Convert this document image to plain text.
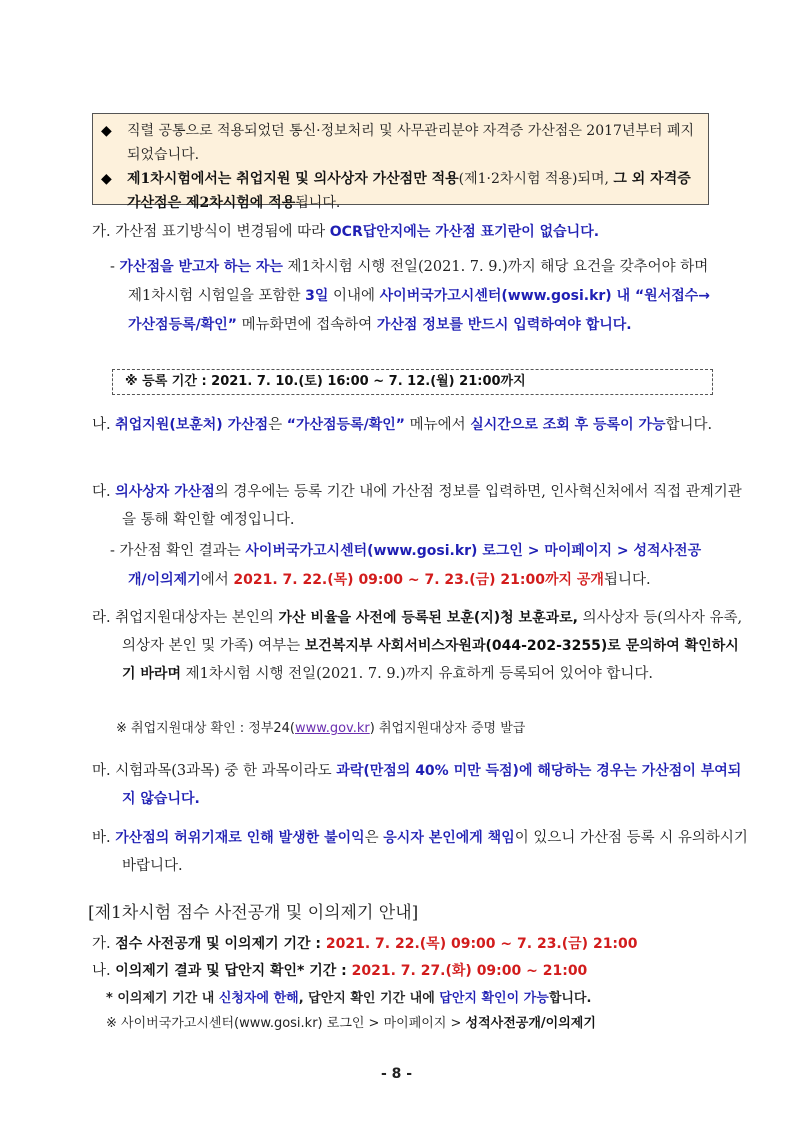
◆ 직렬 공통으로 적용되었던 통신·정보처리 및 사무관리분야 자격증 가산점은 2017년부터 폐지되었습니다.
◆ 제1차시험에서는 취업지원 및 의사상자 가산점만 적용(제1·2차시험 적용)되며, 그 외 자격증 가산점은 제2차시험에 적용됩니다.
가. 가산점 표기방식이 변경됨에 따라 OCR답안지에는 가산점 표기란이 없습니다.
- 가산점을 받고자 하는 자는 제1차시험 시행 전일(2021. 7. 9.)까지 해당 요건을 갖추어야 하며 제1차시험 시험일을 포함한 3일 이내에 사이버국가고시센터(www.gosi.kr) 내 “원서접수→가산점등록/확인” 메뉴화면에 접속하여 가산점 정보를 반드시 입력하여야 합니다.
※ 등록 기간 : 2021. 7. 10.(토) 16:00 ~ 7. 12.(월) 21:00까지
나. 취업지원(보훈처) 가산점은 “가산점등록/확인” 메뉴에서 실시간으로 조회 후 등록이 가능합니다.
다. 의사상자 가산점의 경우에는 등록 기간 내에 가산점 정보를 입력하면, 인사혁신처에서 직접 관계기관을 통해 확인할 예정입니다.
- 가산점 확인 결과는 사이버국가고시센터(www.gosi.kr) 로그인 > 마이페이지 > 성적사전공개/이의제기에서 2021. 7. 22.(목) 09:00 ~ 7. 23.(금) 21:00까지 공개됩니다.
라. 취업지원대상자는 본인의 가산 비율을 사전에 등록된 보훈(지)청 보훈과로, 의사상자 등(의사자 유족, 의상자 본인 및 가족) 여부는 보건복지부 사회서비스자원과(044-202-3255)로 문의하여 확인하시기 바라며 제1차시험 시행 전일(2021. 7. 9.)까지 유효하게 등록되어 있어야 합니다.
※ 취업지원대상 확인 : 정부24(www.gov.kr) 취업지원대상자 증명 발급
마. 시험과목(3과목) 중 한 과목이라도 과락(만점의 40% 미만 득점)에 해당하는 경우는 가산점이 부여되지 않습니다.
바. 가산점의 허위기재로 인해 발생한 불이익은 응시자 본인에게 책임이 있으니 가산점 등록 시 유의하시기 바랍니다.
[제1차시험 점수 사전공개 및 이의제기 안내]
가. 점수 사전공개 및 이의제기 기간 : 2021. 7. 22.(목) 09:00 ~ 7. 23.(금) 21:00
나. 이의제기 결과 및 답안지 확인* 기간 : 2021. 7. 27.(화) 09:00 ~ 21:00
* 이의제기 기간 내 신청자에 한해, 답안지 확인 기간 내에 답안지 확인이 가능합니다.
※ 사이버국가고시센터(www.gosi.kr) 로그인 > 마이페이지 > 성적사전공개/이의제기
- 8 -
